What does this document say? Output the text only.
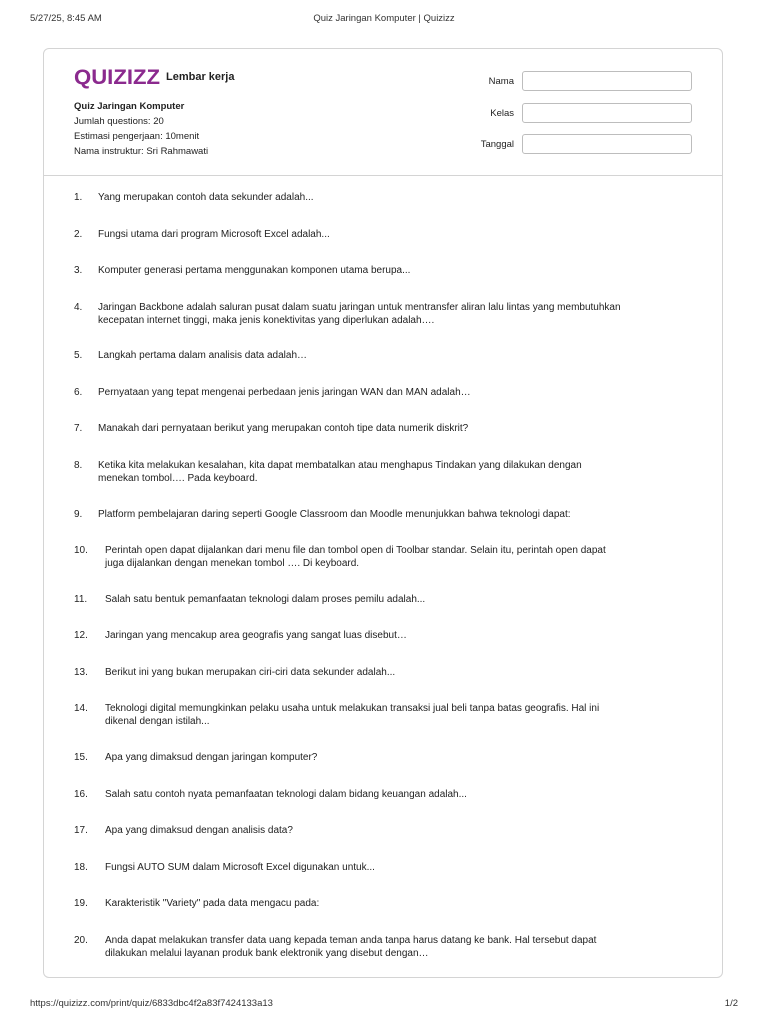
5/27/25, 8:45 AM	Quiz Jaringan Komputer | Quizizz
QUIZIZZ Lembar kerja
Quiz Jaringan Komputer
Jumlah questions: 20
Estimasi pengerjaan: 10menit
Nama instruktur: Sri Rahmawati
Nama
Kelas
Tanggal
1. Yang merupakan contoh data sekunder adalah...
2. Fungsi utama dari program Microsoft Excel adalah...
3. Komputer generasi pertama menggunakan komponen utama berupa...
4. Jaringan Backbone adalah saluran pusat dalam suatu jaringan untuk mentransfer aliran lalu lintas yang membutuhkan
kecepatan internet tinggi, maka jenis konektivitas yang diperlukan adalah….
5. Langkah pertama dalam analisis data adalah…
6. Pernyataan yang tepat mengenai perbedaan jenis jaringan WAN dan MAN adalah…
7. Manakah dari pernyataan berikut yang merupakan contoh tipe data numerik diskrit?
8. Ketika kita melakukan kesalahan, kita dapat membatalkan atau menghapus Tindakan yang dilakukan dengan
menekan tombol…. Pada keyboard.
9. Platform pembelajaran daring seperti Google Classroom dan Moodle menunjukkan bahwa teknologi dapat:
10. Perintah open dapat dijalankan dari menu file dan tombol open di Toolbar standar. Selain itu, perintah open dapat
juga dijalankan dengan menekan tombol …. Di keyboard.
11. Salah satu bentuk pemanfaatan teknologi dalam proses pemilu adalah...
12. Jaringan yang mencakup area geografis yang sangat luas disebut…
13. Berikut ini yang bukan merupakan ciri-ciri data sekunder adalah...
14. Teknologi digital memungkinkan pelaku usaha untuk melakukan transaksi jual beli tanpa batas geografis. Hal ini
dikenal dengan istilah...
15. Apa yang dimaksud dengan jaringan komputer?
16. Salah satu contoh nyata pemanfaatan teknologi dalam bidang keuangan adalah...
17. Apa yang dimaksud dengan analisis data?
18. Fungsi AUTO SUM dalam Microsoft Excel digunakan untuk...
19. Karakteristik "Variety" pada data mengacu pada:
20. Anda dapat melakukan transfer data uang kepada teman anda tanpa harus datang ke bank. Hal tersebut dapat
dilakukan melalui layanan produk bank elektronik yang disebut dengan…
https://quizizz.com/print/quiz/6833dbc4f2a83f7424133a13	1/2
